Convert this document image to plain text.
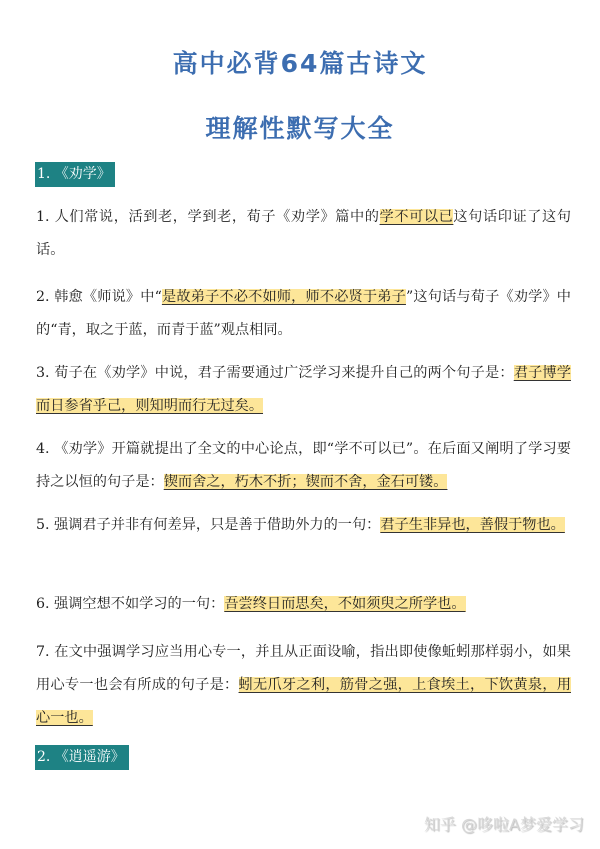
高中必背64篇古诗文
理解性默写大全
1. 《劝学》
1. 人们常说，活到老，学到老，荀子《劝学》篇中的学不可以已这句话印证了这句话。
2. 韩愈《师说》中“是故弟子不必不如师，师不必贤于弟子”这句话与荀子《劝学》中的“青，取之于蓝，而青于蓝”观点相同。
3. 荀子在《劝学》中说，君子需要通过广泛学习来提升自己的两个句子是：君子博学而日参省乎己，则知明而行无过矣。
4. 《劝学》开篇就提出了全文的中心论点，即“学不可以已”。在后面又阐明了学习要持之以恒的句子是：锲而舍之，朽木不折；锲而不舍，金石可镂。
5. 强调君子并非有何差异，只是善于借助外力的一句：君子生非异也，善假于物也。
6. 强调空想不如学习的一句：吾尝终日而思矣，不如须臾之所学也。
7. 在文中强调学习应当用心专一，并且从正面设喻，指出即使像蚯蚓那样弱小，如果用心专一也会有所成的句子是：蚓无爪牙之利，筋骨之强，上食埃土，下饮黄泉，用心一也。
2. 《逍遥游》
知乎 @哆啦A梦爱学习
